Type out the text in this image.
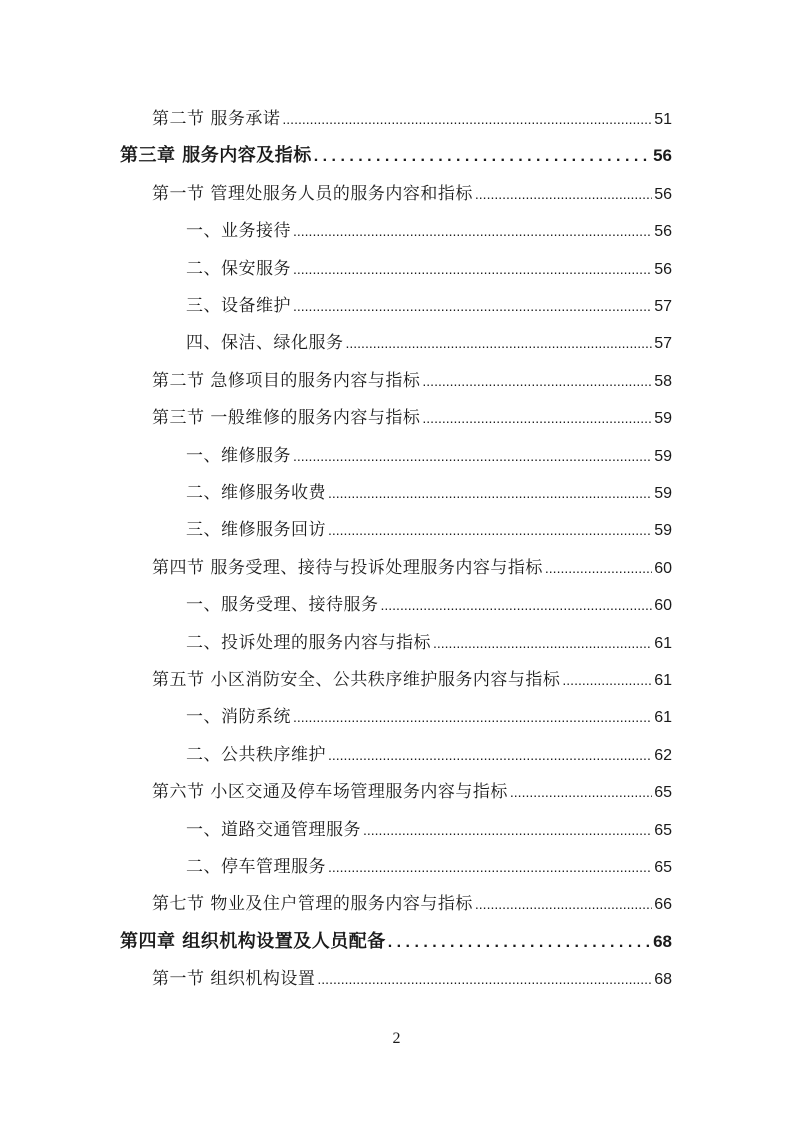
第二节 服务承诺 .....	51
第三章 服务内容及指标 . . .	56
第一节 管理处服务人员的服务内容和指标 .....	56
一、业务接待 .....	56
二、保安服务 .....	56
三、设备维护 .....	57
四、保洁、绿化服务 .....	57
第二节 急修项目的服务内容与指标 .....	58
第三节 一般维修的服务内容与指标 .....	59
一、维修服务 .....	59
二、维修服务收费 .....	59
三、维修服务回访 .....	59
第四节 服务受理、接待与投诉处理服务内容与指标 .....	60
一、服务受理、接待服务 .....	60
二、投诉处理的服务内容与指标 .....	61
第五节 小区消防安全、公共秩序维护服务内容与指标 .....	61
一、消防系统 .....	61
二、公共秩序维护 .....	62
第六节 小区交通及停车场管理服务内容与指标 .....	65
一、道路交通管理服务 .....	65
二、停车管理服务 .....	65
第七节 物业及住户管理的服务内容与指标 .....	66
第四章 组织机构设置及人员配备 . . .	68
第一节 组织机构设置 .....	68
2
